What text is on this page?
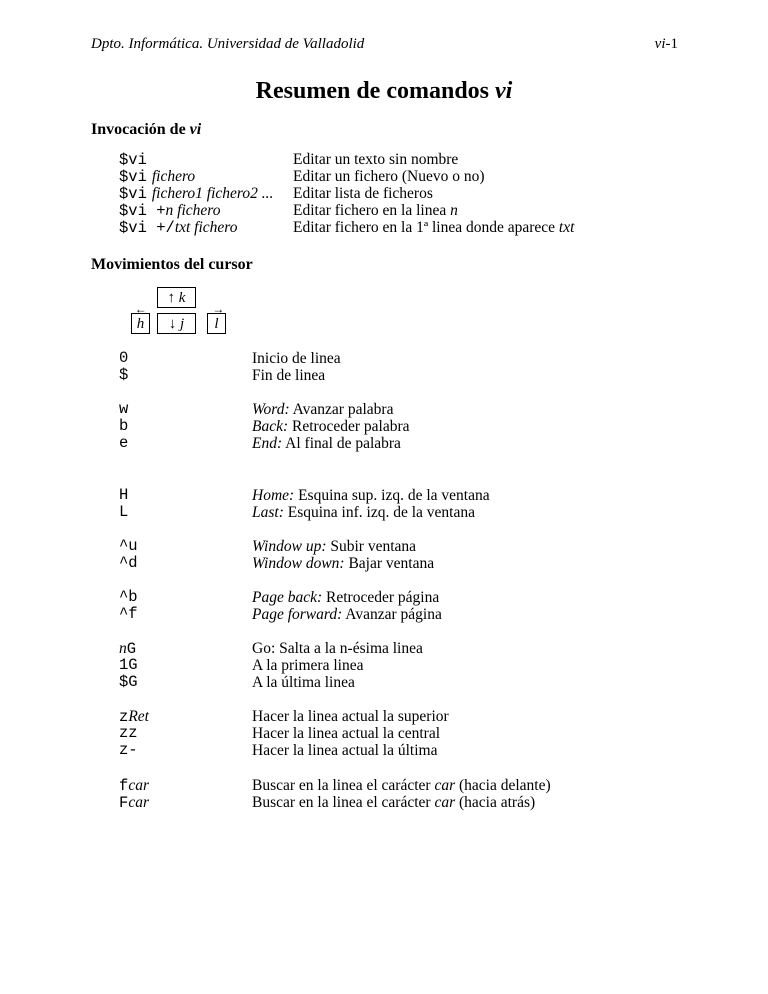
Dpto. Informática. Universidad de Valladolid	vi-1
Resumen de comandos vi
Invocación de vi
$vi	Editar un texto sin nombre
$vi fichero	Editar un fichero (Nuevo o no)
$vi fichero1 fichero2 ... Editar lista de ficheros
$vi +n fichero	Editar fichero en la linea n
$vi +/txt fichero	Editar fichero en la 1ª linea donde aparece txt
Movimientos del cursor
↑ k
←
h	↓ j
→
l
0	Inicio de linea
$	Fin de linea
w	Word: Avanzar palabra
b	Back: Retroceder palabra
e	End: Al final de palabra
H	Home: Esquina sup. izq. de la ventana
L	Last: Esquina inf. izq. de la ventana
^u	Window up: Subir ventana
^d	Window down: Bajar ventana
^b	Page back: Retroceder página
^f	Page forward: Avanzar página
nG	Go: Salta a la n-ésima linea
1G	A la primera linea
$G	A la última linea
zRet	Hacer la linea actual la superior
zz	Hacer la linea actual la central
z-	Hacer la linea actual la última
fcar	Buscar en la linea el carácter car (hacia delante)
Fcar	Buscar en la linea el carácter car (hacia atrás)
